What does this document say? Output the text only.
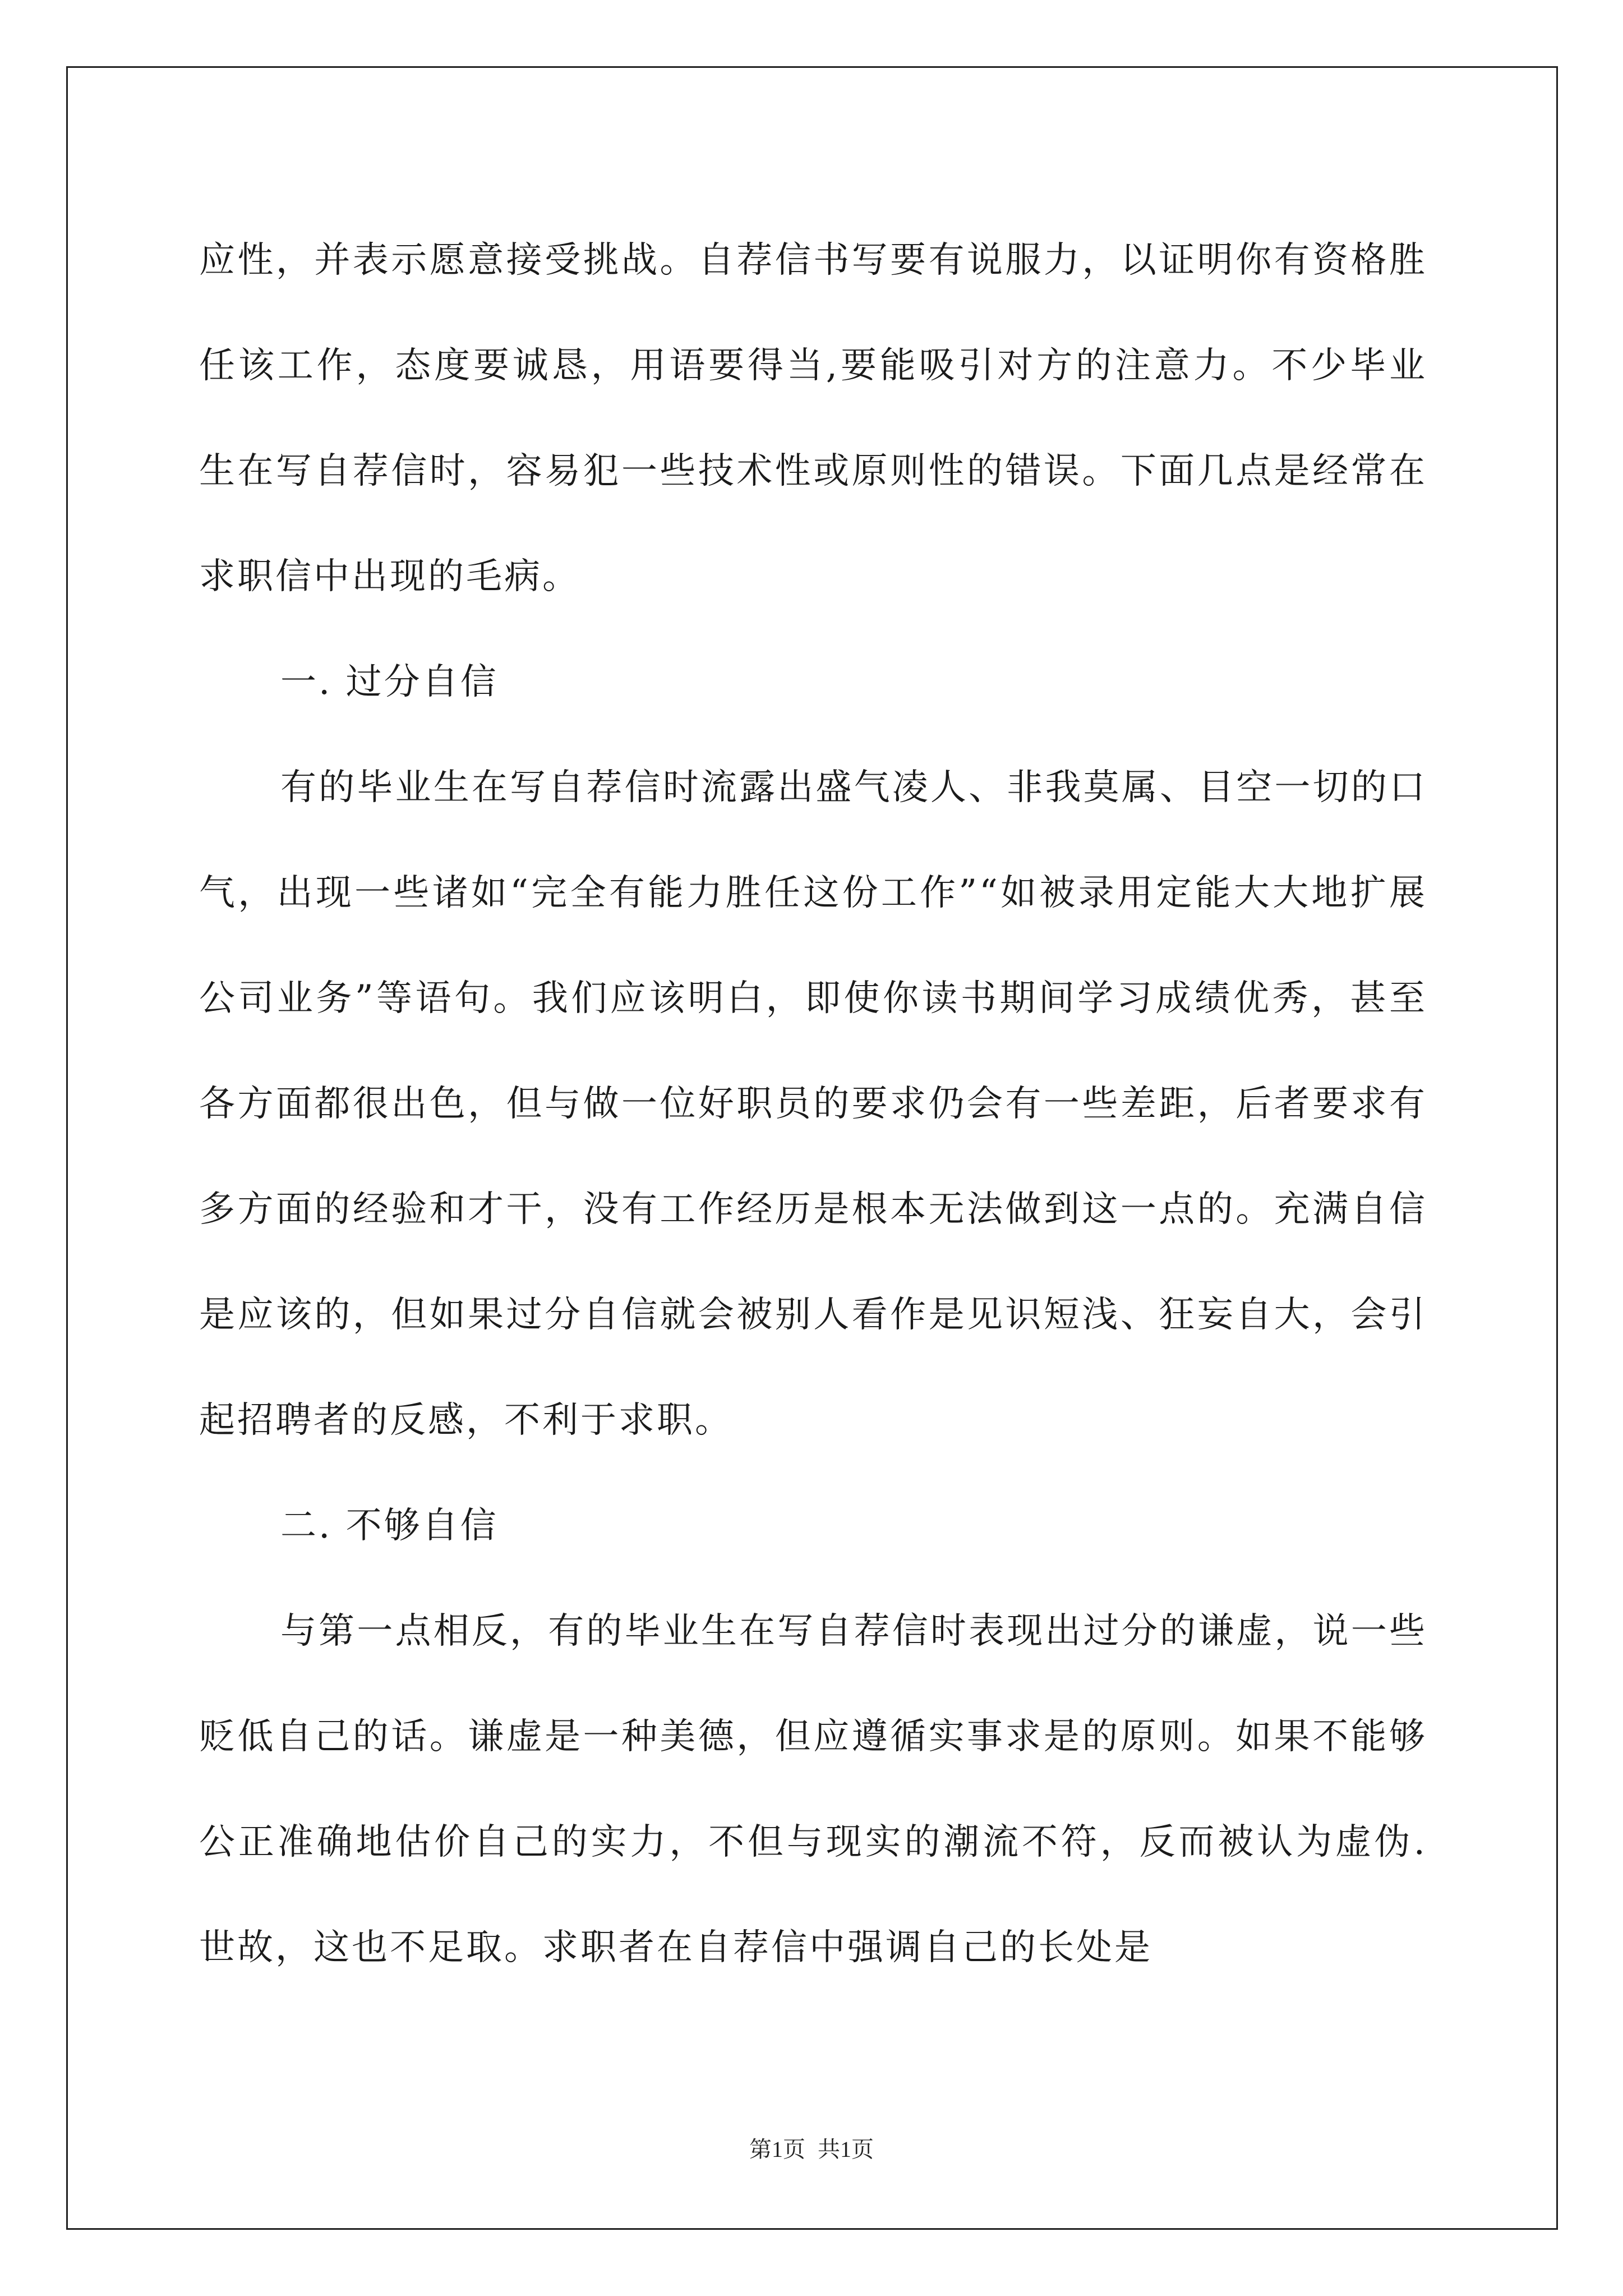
应性，并表示愿意接受挑战。自荐信书写要有说服力，以证明你有资格胜任该工作，态度要诚恳，用语要得当,要能吸引对方的注意力。不少毕业生在写自荐信时，容易犯一些技术性或原则性的错误。下面几点是经常在求职信中出现的毛病。

一. 过分自信

有的毕业生在写自荐信时流露出盛气凌人、非我莫属、目空一切的口气，出现一些诸如“完全有能力胜任这份工作”“如被录用定能大大地扩展公司业务”等语句。我们应该明白，即使你读书期间学习成绩优秀，甚至各方面都很出色，但与做一位好职员的要求仍会有一些差距，后者要求有多方面的经验和才干，没有工作经历是根本无法做到这一点的。充满自信是应该的，但如果过分自信就会被别人看作是见识短浅、狂妄自大，会引起招聘者的反感，不利于求职。

二. 不够自信

与第一点相反，有的毕业生在写自荐信时表现出过分的谦虚，说一些贬低自己的话。谦虚是一种美德，但应遵循实事求是的原则。如果不能够公正准确地估价自己的实力，不但与现实的潮流不符，反而被认为虚伪. 世故，这也不足取。求职者在自荐信中强调自己的长处是

第1页 共1页
